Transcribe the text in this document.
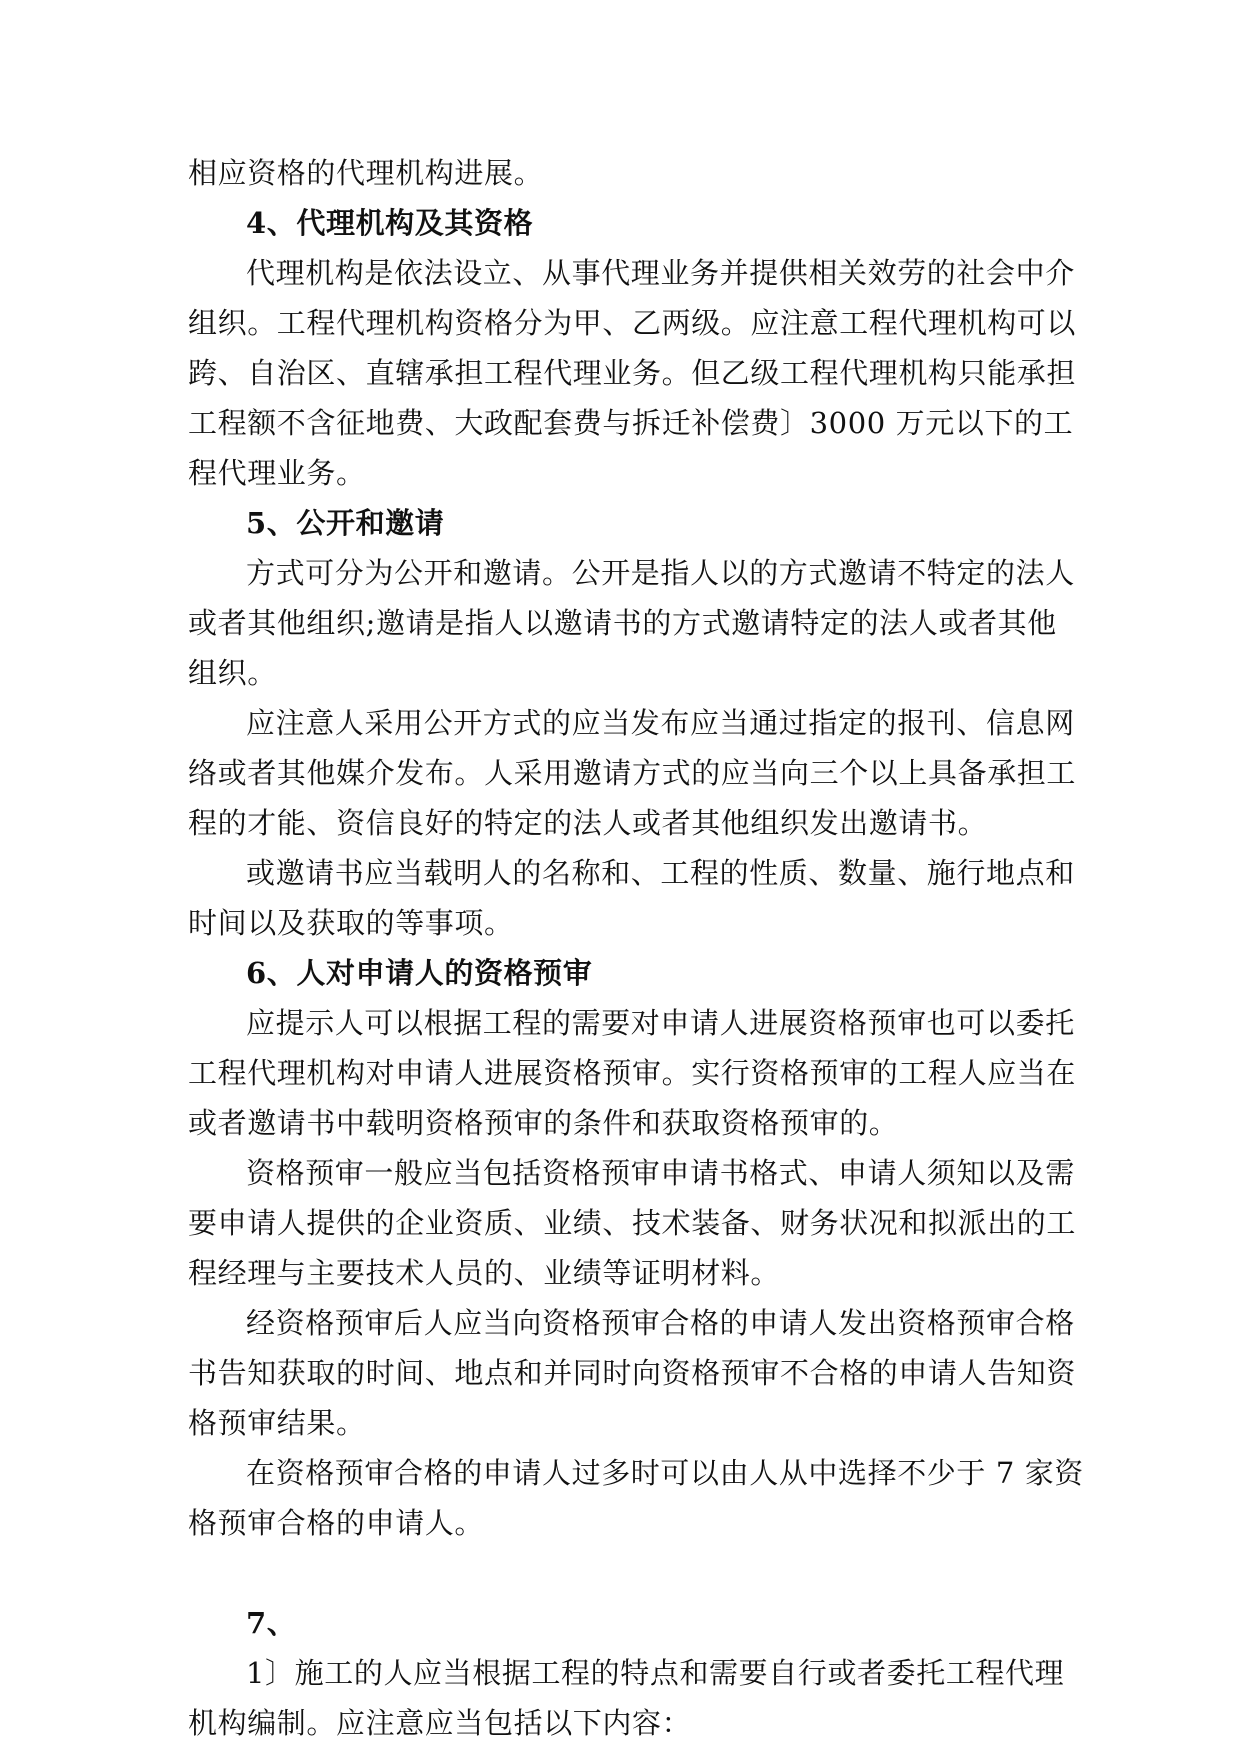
相应资格的代理机构进展。
4、代理机构及其资格
代理机构是依法设立、从事代理业务并提供相关效劳的社会中介
组织。工程代理机构资格分为甲、乙两级。应注意工程代理机构可以
跨、自治区、直辖承担工程代理业务。但乙级工程代理机构只能承担
工程额不含征地费、大政配套费与拆迁补偿费〕3000 万元以下的工
程代理业务。
5、公开和邀请
方式可分为公开和邀请。公开是指人以的方式邀请不特定的法人
或者其他组织;邀请是指人以邀请书的方式邀请特定的法人或者其他
组织。
应注意人采用公开方式的应当发布应当通过指定的报刊、信息网
络或者其他媒介发布。人采用邀请方式的应当向三个以上具备承担工
程的才能、资信良好的特定的法人或者其他组织发出邀请书。
或邀请书应当载明人的名称和、工程的性质、数量、施行地点和
时间以及获取的等事项。
6、人对申请人的资格预审
应提示人可以根据工程的需要对申请人进展资格预审也可以委托
工程代理机构对申请人进展资格预审。实行资格预审的工程人应当在
或者邀请书中载明资格预审的条件和获取资格预审的。
资格预审一般应当包括资格预审申请书格式、申请人须知以及需
要申请人提供的企业资质、业绩、技术装备、财务状况和拟派出的工
程经理与主要技术人员的、业绩等证明材料。
经资格预审后人应当向资格预审合格的申请人发出资格预审合格
书告知获取的时间、地点和并同时向资格预审不合格的申请人告知资
格预审结果。
在资格预审合格的申请人过多时可以由人从中选择不少于 7 家资
格预审合格的申请人。
7、
1〕施工的人应当根据工程的特点和需要自行或者委托工程代理
机构编制。应注意应当包括以下内容：
